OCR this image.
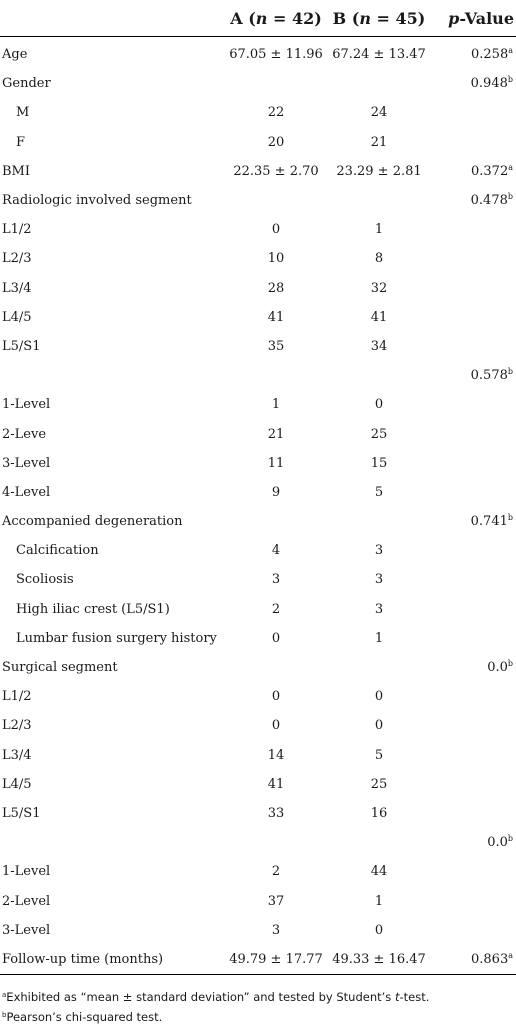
	A (n = 42)	B (n = 45)	p-Value
Age	67.05 ± 11.96	67.24 ± 13.47	0.258$^a$
Gender			0.948$^b$
M	22	24	
F	20	21	
BMI	22.35 ± 2.70	23.29 ± 2.81	0.372$^a$
Radiologic involved segment			0.478$^b$
L1/2	0	1	
L2/3	10	8	
L3/4	28	32	
L4/5	41	41	
L5/S1	35	34	
			0.578$^b$
1-Level	1	0	
2-Leve	21	25	
3-Level	11	15	
4-Level	9	5	
Accompanied degeneration			0.741$^b$
Calcification	4	3	
Scoliosis	3	3	
High iliac crest (L5/S1)	2	3	
Lumbar fusion surgery history	0	1	
Surgical segment			0.0$^b$
L1/2	0	0	
L2/3	0	0	
L3/4	14	5	
L4/5	41	25	
L5/S1	33	16	
			0.0$^b$
1-Level	2	44	
2-Level	37	1	
3-Level	3	0	
Follow-up time (months)	49.79 ± 17.77	49.33 ± 16.47	0.863$^a$
$^a$Exhibited as “mean ± standard deviation” and tested by Student’s t-test.
$^b$Pearson’s chi-squared test.
